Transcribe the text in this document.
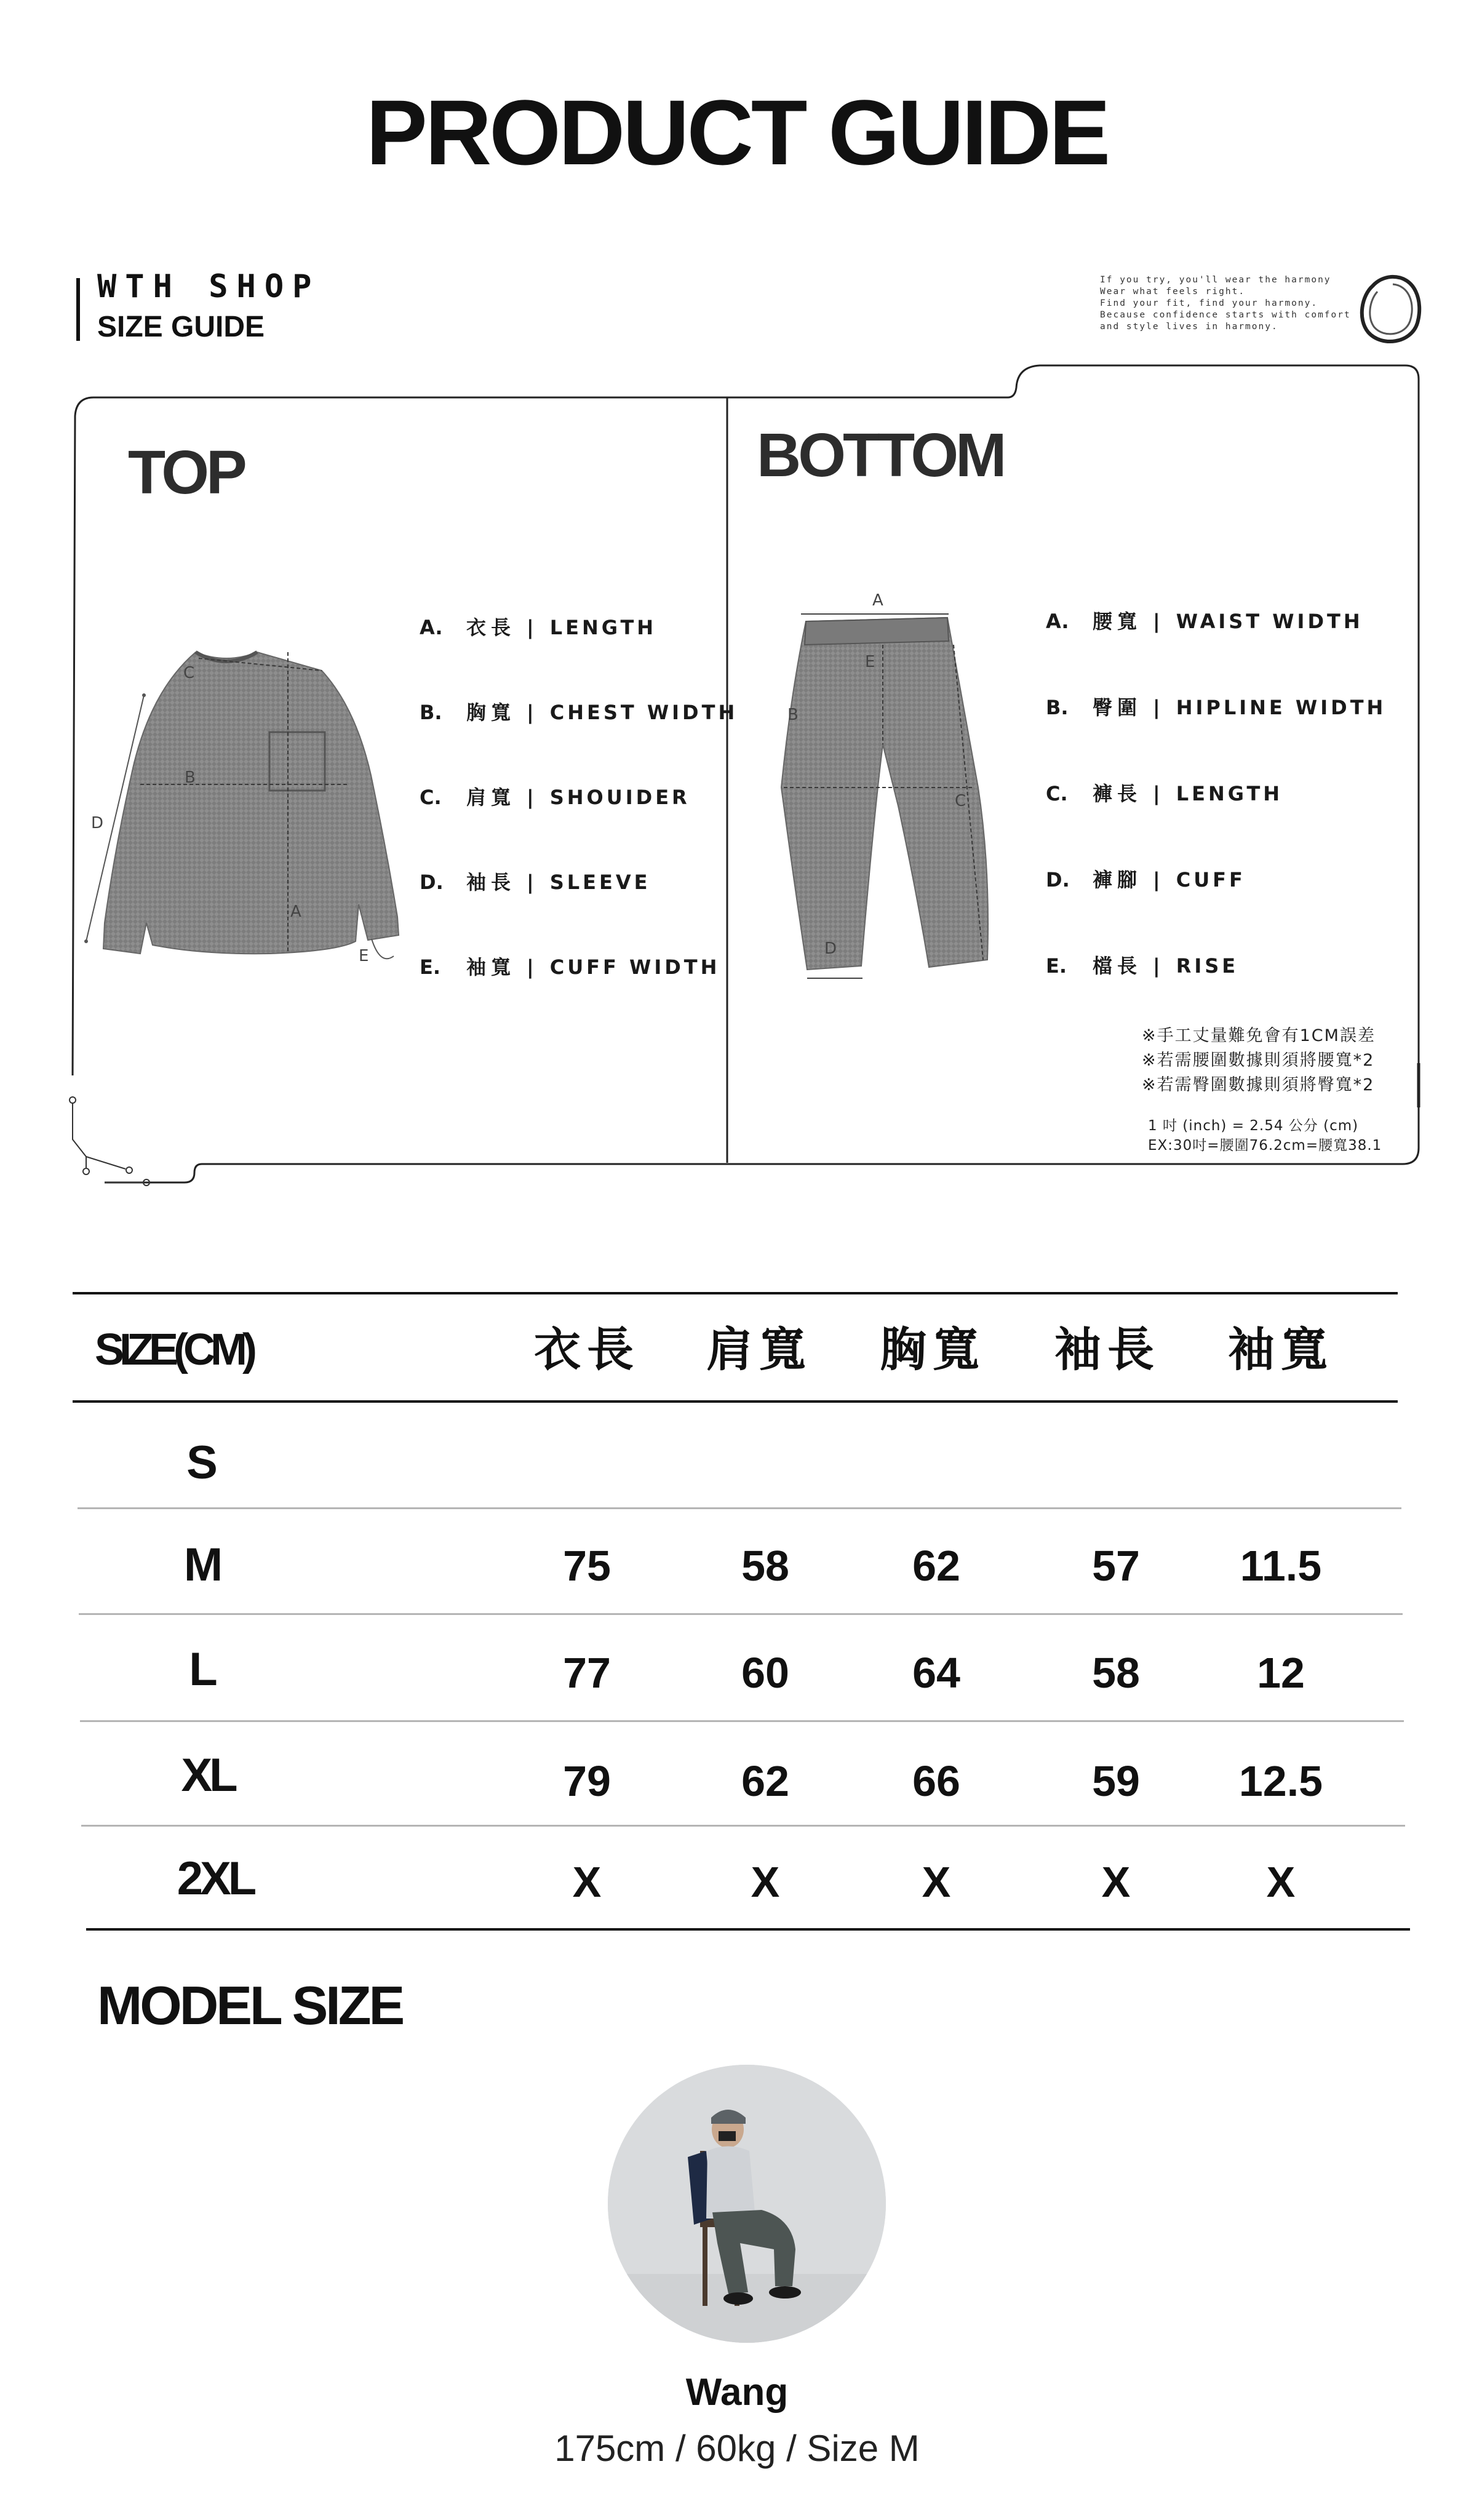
PRODUCT GUIDE
WTH SHOP
SIZE GUIDE
If you try, you'll wear the harmony
Wear what feels right.
Find your fit, find your harmony.
Because confidence starts with comfort
and style lives in harmony.
TOP
C
B
D
A
E
A. 衣長 | LENGTH
B. 胸寬 | CHEST WIDTH
C. 肩寬 | SHOUIDER
D. 袖長 | SLEEVE
E. 袖寬 | CUFF WIDTH
BOTTOM
A
B
C
D
E
A. 腰寬 | WAIST WIDTH
B. 臀圍 | HIPLINE WIDTH
C. 褲長 | LENGTH
D. 褲腳 | CUFF
E. 檔長 | RISE
※手工丈量難免會有1CM誤差
※若需腰圍數據則須將腰寬*2
※若需臀圍數據則須將臀寬*2
1 吋 (inch) = 2.54 公分 (cm)
EX:30吋=腰圍76.2cm=腰寬38.1
SIZE(CM)	衣長	肩寬	胸寬	袖長	袖寬
S
M	75	58	62	57	11.5
L	77	60	64	58	12
XL	79	62	66	59	12.5
2XL	X	X	X	X	X
MODEL SIZE
Wang
175cm / 60kg / Size M
